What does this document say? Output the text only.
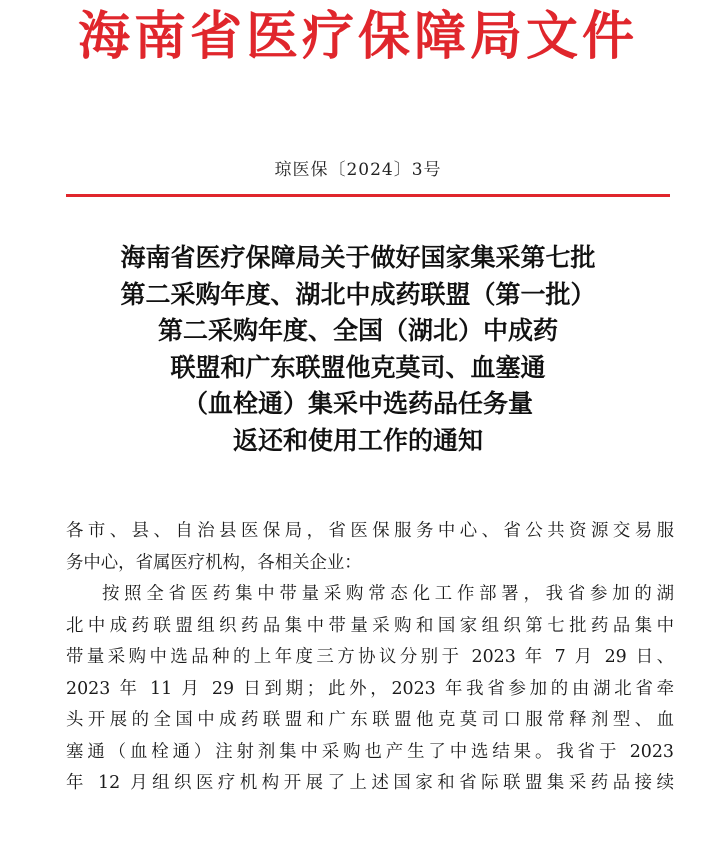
海南省医疗保障局文件
琼医保〔2024〕3号
海南省医疗保障局关于做好国家集采第七批
第二采购年度、湖北中成药联盟（第一批）
第二采购年度、全国（湖北）中成药
联盟和广东联盟他克莫司、血塞通
（血栓通）集采中选药品任务量
返还和使用工作的通知
各市、县、自治县医保局，省医保服务中心、省公共资源交易服
务中心，省属医疗机构，各相关企业：
按照全省医药集中带量采购常态化工作部署，我省参加的湖
北中成药联盟组织药品集中带量采购和国家组织第七批药品集中
带量采购中选品种的上年度三方协议分别于 2023 年 7 月 29 日、
2023 年 11 月 29 日到期；此外，2023 年我省参加的由湖北省牵
头开展的全国中成药联盟和广东联盟他克莫司口服常释剂型、血
塞通（血栓通）注射剂集中采购也产生了中选结果。我省于 2023
年 12 月组织医疗机构开展了上述国家和省际联盟集采药品接续
